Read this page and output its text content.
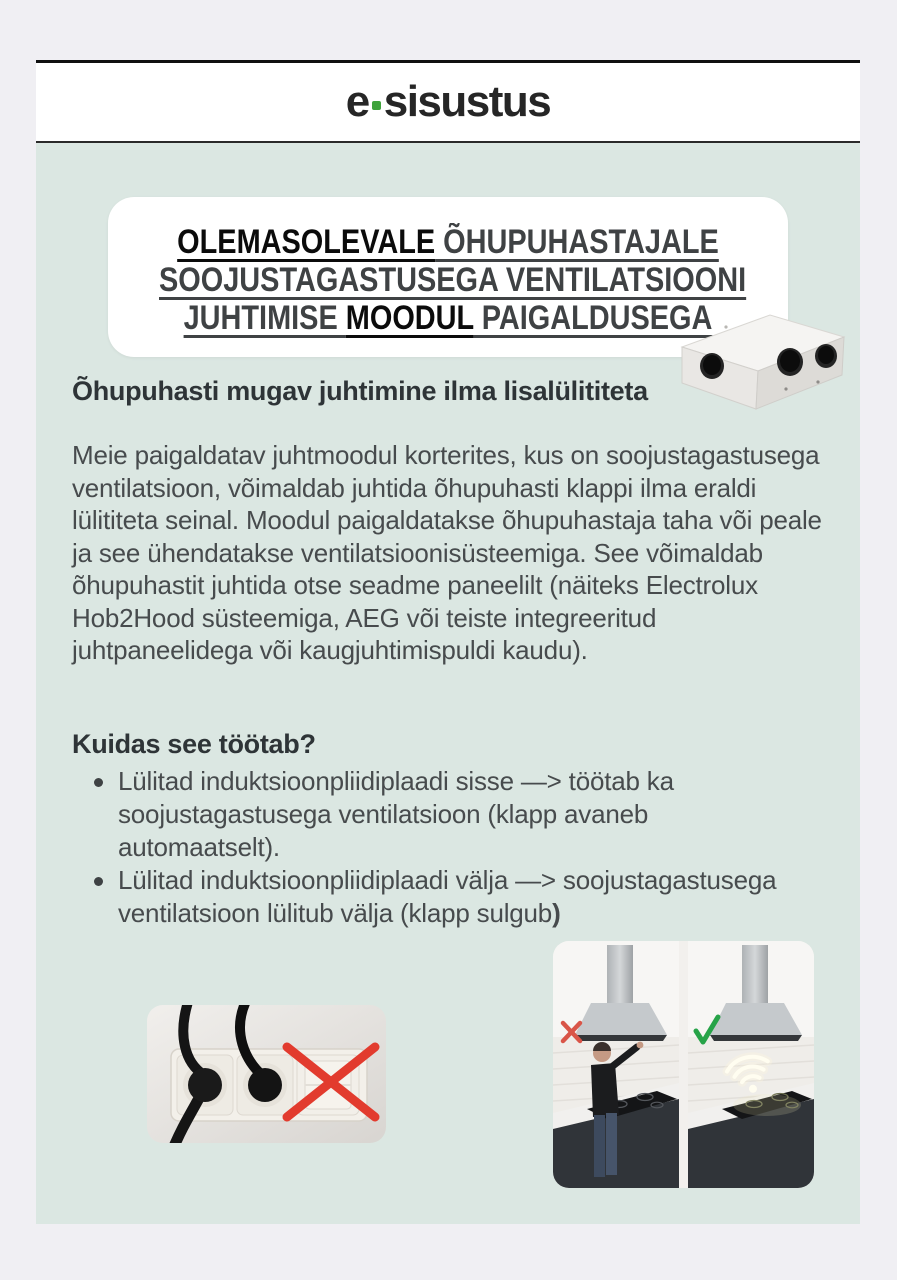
e sisustus
OLEMASOLEVALE ÕHUPUHASTAJALE
SOOJUSTAGASTUSEGA VENTILATSIOONI
JUHTIMISE MOODUL PAIGALDUSEGA
Õhupuhasti mugav juhtimine ilma lisalülititeta

Meie paigaldatav juhtmoodul korterites, kus on soojustagastusega ventilatsioon, võimaldab juhtida õhupuhasti klappi ilma eraldi lülititeta seinal. Moodul paigaldatakse õhupuhastaja taha või peale ja see ühendatakse ventilatsioonisüsteemiga. See võimaldab õhupuhastit juhtida otse seadme paneelilt (näiteks Electrolux Hob2Hood süsteemiga, AEG või teiste integreeritud juhtpaneelidega või kaugjuhtimispuldi kaudu).

Kuidas see töötab?
Lülitad induktsioonpliidiplaadi sisse —> töötab ka soojustagastusega ventilatsioon (klapp avaneb automaatselt).
Lülitad induktsioonpliidiplaadi välja —> soojustagastusega ventilatsioon lülitub välja (klapp sulgub)
